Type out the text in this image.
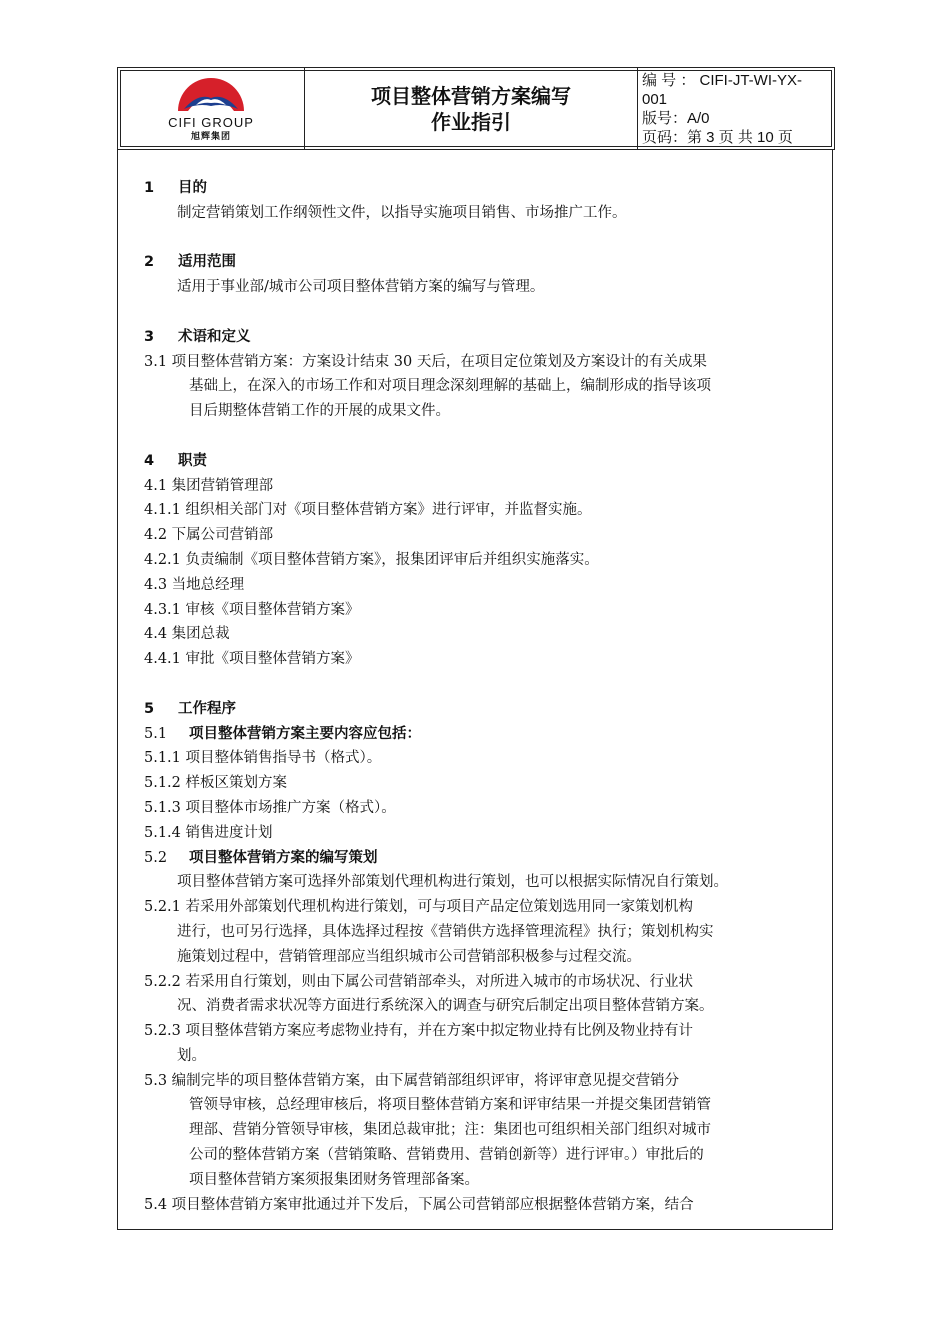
CIFI GROUP
旭辉集团
项目整体营销方案编写
作业指引
编 号 ： CIFI-JT-WI-YX-
001
版号：A/0
页码：第 3 页 共 10 页
1 目的
制定营销策划工作纲领性文件，以指导实施项目销售、市场推广工作。
2 适用范围
适用于事业部/城市公司项目整体营销方案的编写与管理。
3 术语和定义
3.1 项目整体营销方案：方案设计结束 30 天后，在项目定位策划及方案设计的有关成果
基础上，在深入的市场工作和对项目理念深刻理解的基础上，编制形成的指导该项
目后期整体营销工作的开展的成果文件。
4 职责
4.1 集团营销管理部
4.1.1 组织相关部门对《项目整体营销方案》进行评审，并监督实施。
4.2 下属公司营销部
4.2.1 负责编制《项目整体营销方案》，报集团评审后并组织实施落实。
4.3 当地总经理
4.3.1 审核《项目整体营销方案》
4.4 集团总裁
4.4.1 审批《项目整体营销方案》
5 工作程序
5.1 项目整体营销方案主要内容应包括：
5.1.1 项目整体销售指导书（格式）。
5.1.2 样板区策划方案
5.1.3 项目整体市场推广方案（格式）。
5.1.4 销售进度计划
5.2 项目整体营销方案的编写策划
项目整体营销方案可选择外部策划代理机构进行策划，也可以根据实际情况自行策划。
5.2.1 若采用外部策划代理机构进行策划，可与项目产品定位策划选用同一家策划机构
进行，也可另行选择，具体选择过程按《营销供方选择管理流程》执行；策划机构实
施策划过程中，营销管理部应当组织城市公司营销部积极参与过程交流。
5.2.2 若采用自行策划，则由下属公司营销部牵头，对所进入城市的市场状况、行业状
况、消费者需求状况等方面进行系统深入的调查与研究后制定出项目整体营销方案。
5.2.3 项目整体营销方案应考虑物业持有，并在方案中拟定物业持有比例及物业持有计
划。
5.3 编制完毕的项目整体营销方案，由下属营销部组织评审，将评审意见提交营销分
管领导审核，总经理审核后，将项目整体营销方案和评审结果一并提交集团营销管
理部、营销分管领导审核，集团总裁审批；注：集团也可组织相关部门组织对城市
公司的整体营销方案（营销策略、营销费用、营销创新等）进行评审。）审批后的
项目整体营销方案须报集团财务管理部备案。
5.4 项目整体营销方案审批通过并下发后，下属公司营销部应根据整体营销方案，结合
